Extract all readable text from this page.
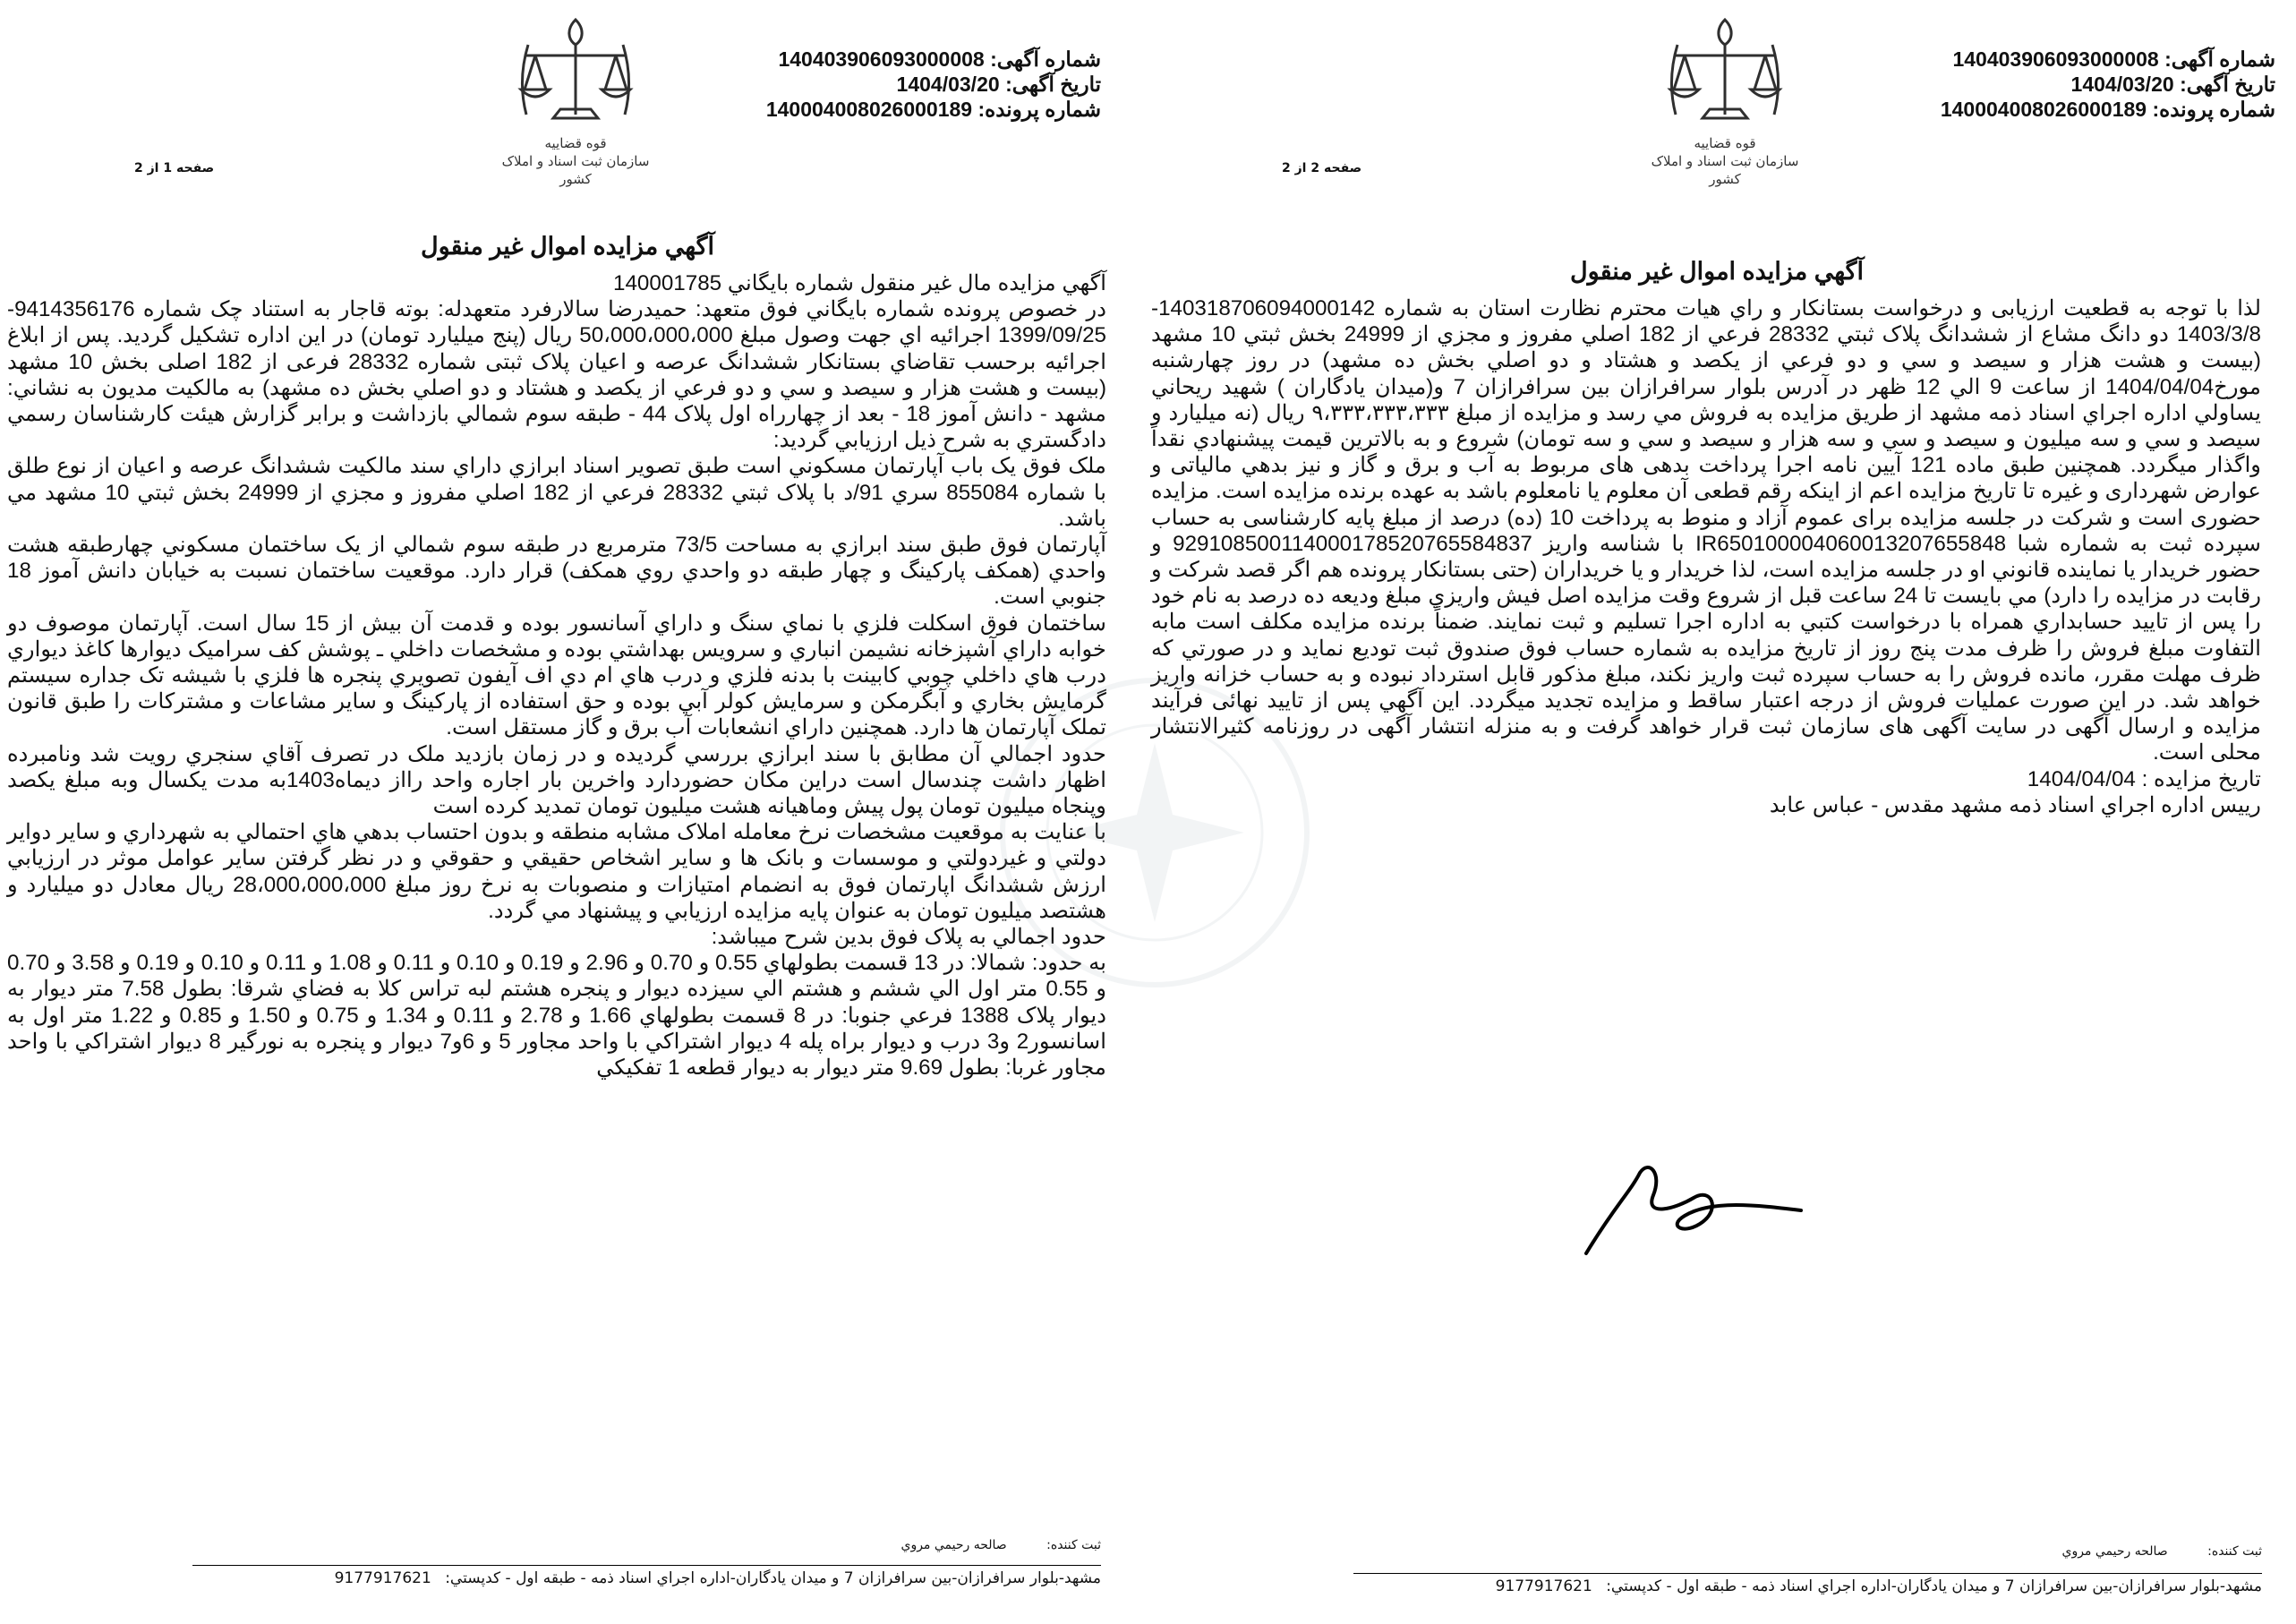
قوه قضاییه
سازمان ثبت اسناد و املاک کشور
شماره آگهی: 140403906093000008
تاریخ آگهی: 1404/03/20
شماره پرونده: 140004008026000189
صفحه 1 از 2
آگهي مزايده اموال غير منقول

آگهي مزايده مال غير منقول شماره بايگاني 140001785

در خصوص پرونده شماره بايگاني فوق متعهد: حميدرضا سالارفرد متعهدله: بوته قاجار به استناد چک شماره 9414356176-1399/09/25 اجرائيه اي جهت وصول مبلغ 50،000،000،000 ريال (پنج ميليارد تومان) در اين اداره تشکيل گرديد. پس از ابلاغ اجرائيه برحسب تقاضاي بستانکار ششدانگ عرصه و اعيان پلاک ثبتی شماره 28332 فرعی از 182 اصلی بخش 10 مشهد (بيست و هشت هزار و سيصد و سي و دو فرعي از يکصد و هشتاد و دو اصلي بخش ده مشهد) به مالکيت مديون به نشاني: مشهد - دانش آموز 18 - بعد از چهارراه اول پلاک 44 - طبقه سوم شمالي بازداشت و برابر گزارش هيئت کارشناسان رسمي دادگستري به شرح ذيل ارزيابي گرديد:

ملک فوق يک باب آپارتمان مسکوني است طبق تصوير اسناد ابرازي داراي سند مالکيت ششدانگ عرصه و اعيان از نوع طلق با شماره 855084 سري 91/د با پلاک ثبتي 28332 فرعي از 182 اصلي مفروز و مجزي از 24999 بخش ثبتي 10 مشهد مي باشد.

آپارتمان فوق طبق سند ابرازي به مساحت 73/5 مترمربع در طبقه سوم شمالي از يک ساختمان مسکوني چهارطبقه هشت واحدي (همکف پارکينگ و چهار طبقه دو واحدي روي همکف) قرار دارد. موقعيت ساختمان نسبت به خيابان دانش آموز 18 جنوبي است.

ساختمان فوق اسکلت فلزي با نماي سنگ و داراي آسانسور بوده و قدمت آن بيش از 15 سال است. آپارتمان موصوف دو خوابه داراي آشپزخانه نشيمن انباري و سرويس بهداشتي بوده و مشخصات داخلي ـ پوشش کف سراميک ديوارها کاغذ ديواري درب هاي داخلي چوبي کابينت با بدنه فلزي و درب هاي ام دي اف آيفون تصويري پنجره ها فلزي با شيشه تک جداره سيستم گرمايش بخاري و آبگرمکن و سرمايش کولر آبي بوده و حق استفاده از پارکينگ و ساير مشاعات و مشترکات را طبق قانون تملک آپارتمان ها دارد. همچنين داراي انشعابات آب برق و گاز مستقل است.

حدود اجمالي آن مطابق با سند ابرازي بررسي گرديده و در زمان بازديد ملک در تصرف آقاي سنجري رويت شد ونامبرده اظهار داشت چندسال است دراين مکان حضوردارد واخرين بار اجاره واحد رااز ديماه1403به مدت يکسال وبه مبلغ يکصد وپنجاه ميليون تومان پول پيش وماهيانه هشت ميليون تومان تمديد کرده است

با عنايت به موقعيت مشخصات نرخ معامله املاک مشابه منطقه و بدون احتساب بدهي هاي احتمالي به شهرداري و ساير دواير دولتي و غيردولتي و موسسات و بانک ها و ساير اشخاص حقيقي و حقوقي و در نظر گرفتن ساير عوامل موثر در ارزيابي ارزش ششدانگ اپارتمان فوق به انضمام امتيازات و منصوبات به نرخ روز مبلغ 28،000،000،000 ريال معادل دو ميليارد و هشتصد ميليون تومان به عنوان پايه مزايده ارزيابي و پيشنهاد مي گردد.

حدود اجمالي به پلاک فوق بدين شرح ميباشد:

به حدود: شمالا: در 13 قسمت بطولهاي 0.55 و 0.70 و 2.96 و 0.19 و 0.10 و 0.11 و 1.08 و 0.11 و 0.10 و 0.19 و 3.58 و 0.70 و 0.55 متر اول الي ششم و هشتم الي سيزده ديوار و پنجره هشتم لبه تراس کلا به فضاي شرقا: بطول 7.58 متر ديوار به ديوار پلاک 1388 فرعي جنوبا: در 8 قسمت بطولهاي 1.66 و 2.78 و 0.11 و 1.34 و 0.75 و 1.50 و 0.85 و 1.22 متر اول به اسانسور2 و3 درب و ديوار براه پله 4 ديوار اشتراکي با واحد مجاور 5 و 6و7 ديوار و پنجره به نورگير 8 ديوار اشتراکي با واحد مجاور غربا: بطول 9.69 متر ديوار به ديوار قطعه 1 تفکيکي

ثبت کننده: صالحه رحيمي مروي
مشهد-بلوار سرافرازان-بين سرافرازان 7 و ميدان يادگاران-اداره اجراي اسناد ذمه - طبقه اول - کدپستي: 9177917621
قوه قضاییه
سازمان ثبت اسناد و املاک کشور
شماره آگهی: 140403906093000008
تاریخ آگهی: 1404/03/20
شماره پرونده: 140004008026000189
صفحه 2 از 2
آگهي مزايده اموال غير منقول

لذا با توجه به قطعيت ارزيابی و درخواست بستانکار و راي هيات محترم نظارت استان به شماره 140318706094000142-1403/3/8 دو دانگ مشاع از ششدانگ پلاک ثبتي 28332 فرعي از 182 اصلي مفروز و مجزي از 24999 بخش ثبتي 10 مشهد (بيست و هشت هزار و سيصد و سي و دو فرعي از يکصد و هشتاد و دو اصلي بخش ده مشهد) در روز چهارشنبه مورخ1404/04/04 از ساعت 9 الي 12 ظهر در آدرس بلوار سرافرازان بين سرافرازان 7 و(ميدان يادگاران ) شهيد ريحاني يساولي اداره اجراي اسناد ذمه مشهد از طريق مزايده به فروش مي رسد و مزايده از مبلغ ۹،۳۳۳،۳۳۳،۳۳۳ ريال (نه ميليارد و سيصد و سي و سه ميليون و سيصد و سي و سه هزار و سيصد و سي و سه تومان) شروع و به بالاترين قيمت پيشنهادي نقداً واگذار ميگردد. همچنين طبق ماده 121 آيين نامه اجرا پرداخت بدهی های مربوط به آب و برق و گاز و نيز بدهي مالياتی و عوارض شهرداری و غيره تا تاريخ مزايده اعم از اينکه رقم قطعی آن معلوم يا نامعلوم باشد به عهده برنده مزايده است. مزايده حضوری است و شرکت در جلسه مزايده برای عموم آزاد و منوط به پرداخت 10 (ده) درصد از مبلغ پايه کارشناسی به حساب سپرده ثبت به شماره شبا IR650100004060013207655848 با شناسه واريز 929108500114000178520765584837 و حضور خريدار يا نماينده قانوني او در جلسه مزايده است، لذا خريدار و يا خريداران (حتی بستانکار پرونده هم اگر قصد شرکت و رقابت در مزايده را دارد) مي بايست تا 24 ساعت قبل از شروع وقت مزايده اصل فيش واريزي مبلغ وديعه ده درصد به نام خود را پس از تاييد حسابداري همراه با درخواست کتبي به اداره اجرا تسليم و ثبت نمايند. ضمناً برنده مزايده مکلف است مابه التفاوت مبلغ فروش را ظرف مدت پنج روز از تاريخ مزايده به شماره حساب فوق صندوق ثبت توديع نمايد و در صورتي که ظرف مهلت مقرر، مانده فروش را به حساب سپرده ثبت واريز نکند، مبلغ مذکور قابل استرداد نبوده و به حساب خزانه واريز خواهد شد. در اين صورت عمليات فروش از درجه اعتبار ساقط و مزايده تجديد ميگردد. اين آگهي پس از تاييد نهائی فرآيند مزايده و ارسال آگهی در سايت آگهی های سازمان ثبت قرار خواهد گرفت و به منزله انتشار آگهی در روزنامه کثيرالانتشار محلی است.

تاريخ مزايده : 1404/04/04

رييس اداره اجراي اسناد ذمه مشهد مقدس - عباس عابد

ثبت کننده: صالحه رحيمي مروي
مشهد-بلوار سرافرازان-بين سرافرازان 7 و ميدان يادگاران-اداره اجراي اسناد ذمه - طبقه اول - کدپستي: 9177917621
